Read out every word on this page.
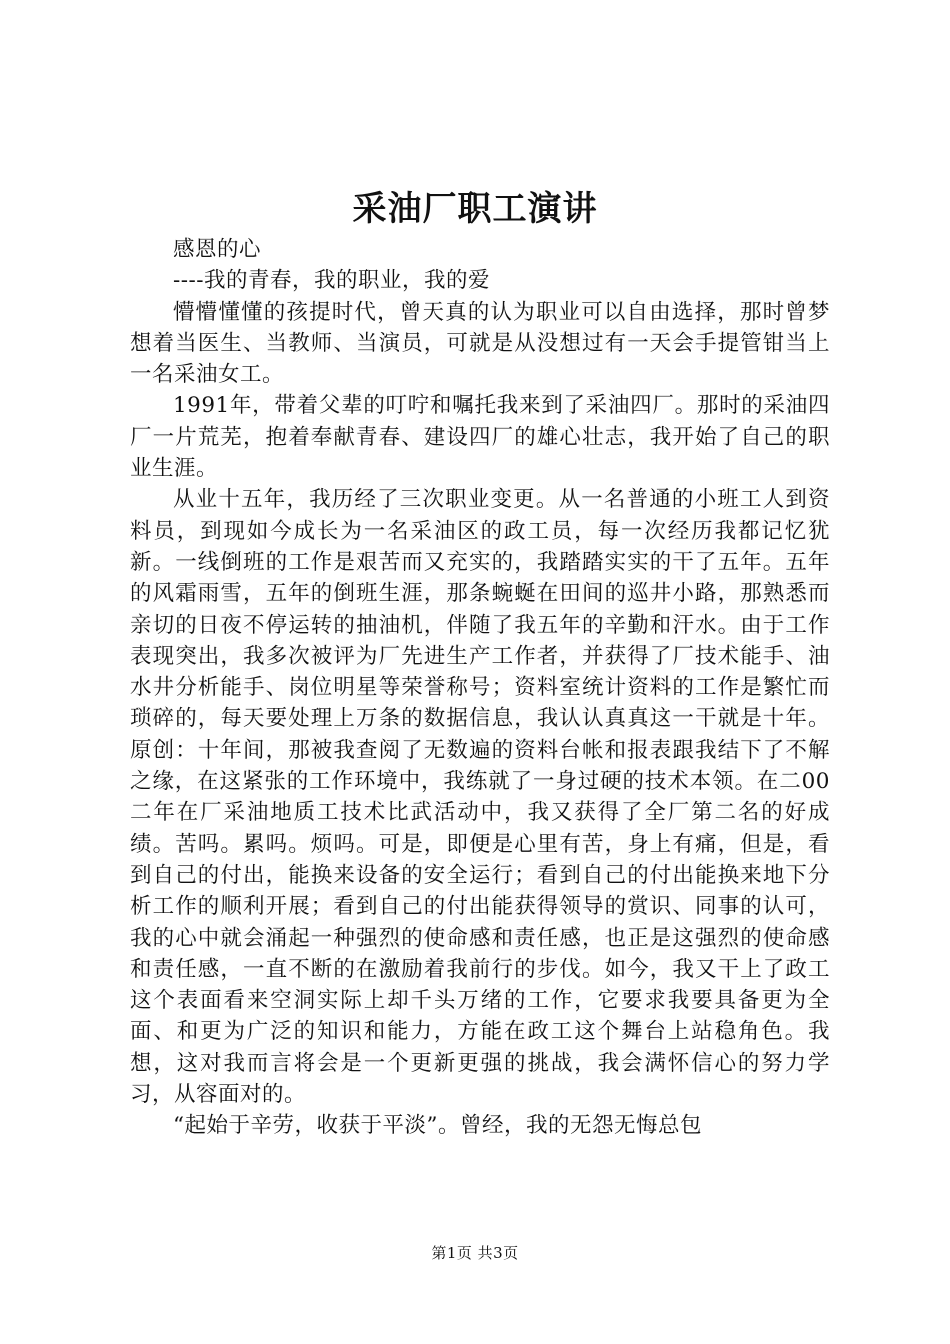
采油厂职工演讲

感恩的心

----我的青春，我的职业，我的爱

懵懵懂懂的孩提时代，曾天真的认为职业可以自由选择，那时曾梦想着当医生、当教师、当演员，可就是从没想过有一天会手提管钳当上一名采油女工。

1991年，带着父辈的叮咛和嘱托我来到了采油四厂。那时的采油四厂一片荒芜，抱着奉献青春、建设四厂的雄心壮志，我开始了自己的职业生涯。

从业十五年，我历经了三次职业变更。从一名普通的小班工人到资料员，到现如今成长为一名采油区的政工员，每一次经历我都记忆犹新。一线倒班的工作是艰苦而又充实的，我踏踏实实的干了五年。五年的风霜雨雪，五年的倒班生涯，那条蜿蜒在田间的巡井小路，那熟悉而亲切的日夜不停运转的抽油机，伴随了我五年的辛勤和汗水。由于工作表现突出，我多次被评为厂先进生产工作者，并获得了厂技术能手、油水井分析能手、岗位明星等荣誉称号；资料室统计资料的工作是繁忙而琐碎的，每天要处理上万条的数据信息，我认认真真这一干就是十年。原创：十年间，那被我查阅了无数遍的资料台帐和报表跟我结下了不解之缘，在这紧张的工作环境中，我练就了一身过硬的技术本领。在二00二年在厂采油地质工技术比武活动中，我又获得了全厂第二名的好成绩。苦吗。累吗。烦吗。可是，即便是心里有苦，身上有痛，但是，看到自己的付出，能换来设备的安全运行；看到自己的付出能换来地下分析工作的顺利开展；看到自己的付出能获得领导的赏识、同事的认可，我的心中就会涌起一种强烈的使命感和责任感，也正是这强烈的使命感和责任感，一直不断的在激励着我前行的步伐。如今，我又干上了政工这个表面看来空洞实际上却千头万绪的工作，它要求我要具备更为全面、和更为广泛的知识和能力，方能在政工这个舞台上站稳角色。我想，这对我而言将会是一个更新更强的挑战，我会满怀信心的努力学习，从容面对的。

“起始于辛劳，收获于平淡”。曾经，我的无怨无悔总包

第1页 共3页
